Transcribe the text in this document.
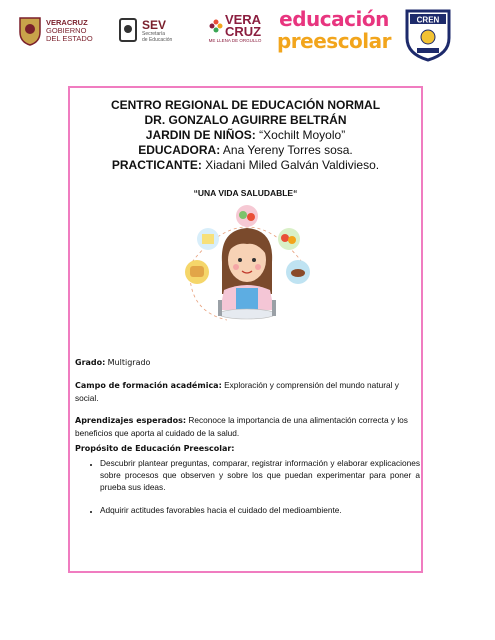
VERACRUZ
GOBIERNO
DEL ESTADO
SEV
Secretaría
de Educación
VERA
CRUZ
ME LLENA DE ORGULLO
educación
preescolar
CREN
CENTRO REGIONAL DE EDUCACIÓN NORMAL
DR. GONZALO AGUIRRE BELTRÁN
JARDIN DE NIÑOS: “Xochilt Moyolo”
EDUCADORA: Ana Yereny Torres sosa.
PRACTICANTE: Xiadani Miled Galván Valdivieso.
“UNA VIDA SALUDABLE“

Grado: Multigrado

Campo de formación académica: Exploración y comprensión del mundo natural y social.

Aprendizajes esperados: Reconoce la importancia de una alimentación correcta y los beneficios que aporta al cuidado de la salud.

Propósito de Educación Preescolar:
• Descubrir plantear preguntas, comparar, registrar información y elaborar explicaciones sobre procesos que observen y sobre los que puedan experimentar para poner a prueba sus ideas.
• Adquirir actitudes favorables hacia el cuidado del medioambiente.
